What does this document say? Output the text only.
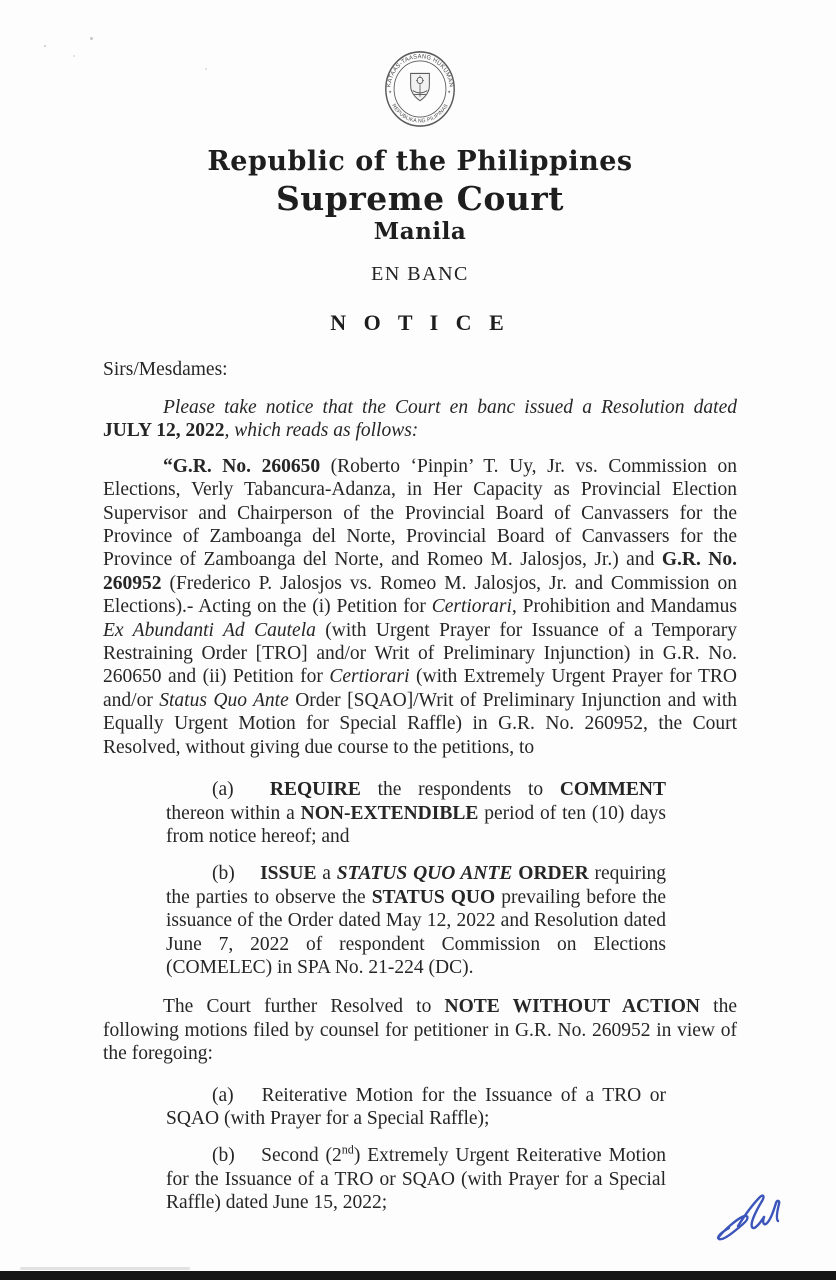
KATAAS-TAASANG HUKUMAN
REPUBLIKA NG PILIPINAS
✦	✦
Republic of the Philippines
Supreme Court
Manila
EN BANC
N O T I C E
Sirs/Mesdames:

Please take notice that the Court en banc issued a Resolution dated JULY 12, 2022, which reads as follows:

“G.R. No. 260650 (Roberto ‘Pinpin’ T. Uy, Jr. vs. Commission on Elections, Verly Tabancura-Adanza, in Her Capacity as Provincial Election Supervisor and Chairperson of the Provincial Board of Canvassers for the Province of Zamboanga del Norte, Provincial Board of Canvassers for the Province of Zamboanga del Norte, and Romeo M. Jalosjos, Jr.) and G.R. No. 260952 (Frederico P. Jalosjos vs. Romeo M. Jalosjos, Jr. and Commission on Elections).- Acting on the (i) Petition for Certiorari, Prohibition and Mandamus Ex Abundanti Ad Cautela (with Urgent Prayer for Issuance of a Temporary Restraining Order [TRO] and/or Writ of Preliminary Injunction) in G.R. No. 260650 and (ii) Petition for Certiorari (with Extremely Urgent Prayer for TRO and/or Status Quo Ante Order [SQAO]/Writ of Preliminary Injunction and with Equally Urgent Motion for Special Raffle) in G.R. No. 260952, the Court Resolved, without giving due course to the petitions, to

(a)  REQUIRE the respondents to COMMENT thereon within a NON-EXTENDIBLE period of ten (10) days from notice hereof; and

(b)  ISSUE a STATUS QUO ANTE ORDER requiring the parties to observe the STATUS QUO prevailing before the issuance of the Order dated May 12, 2022 and Resolution dated June 7, 2022 of respondent Commission on Elections (COMELEC) in SPA No. 21-224 (DC).

The Court further Resolved to NOTE WITHOUT ACTION the following motions filed by counsel for petitioner in G.R. No. 260952 in view of the foregoing:

(a)  Reiterative Motion for the Issuance of a TRO or SQAO (with Prayer for a Special Raffle);

(b)  Second (2nd) Extremely Urgent Reiterative Motion for the Issuance of a TRO or SQAO (with Prayer for a Special Raffle) dated June 15, 2022;
